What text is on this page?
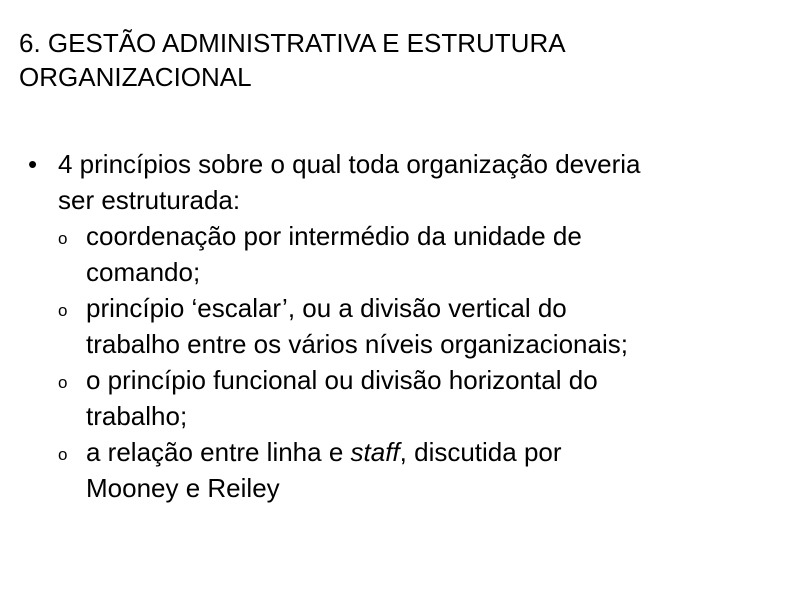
6. GESTÃO ADMINISTRATIVA E ESTRUTURA
ORGANIZACIONAL
• 4 princípios sobre o qual toda organização deveria
ser estruturada:
o coordenação por intermédio da unidade de
comando;
o princípio ‘escalar’, ou a divisão vertical do
trabalho entre os vários níveis organizacionais;
o o princípio funcional ou divisão horizontal do
trabalho;
o a relação entre linha e staff, discutida por
Mooney e Reiley
